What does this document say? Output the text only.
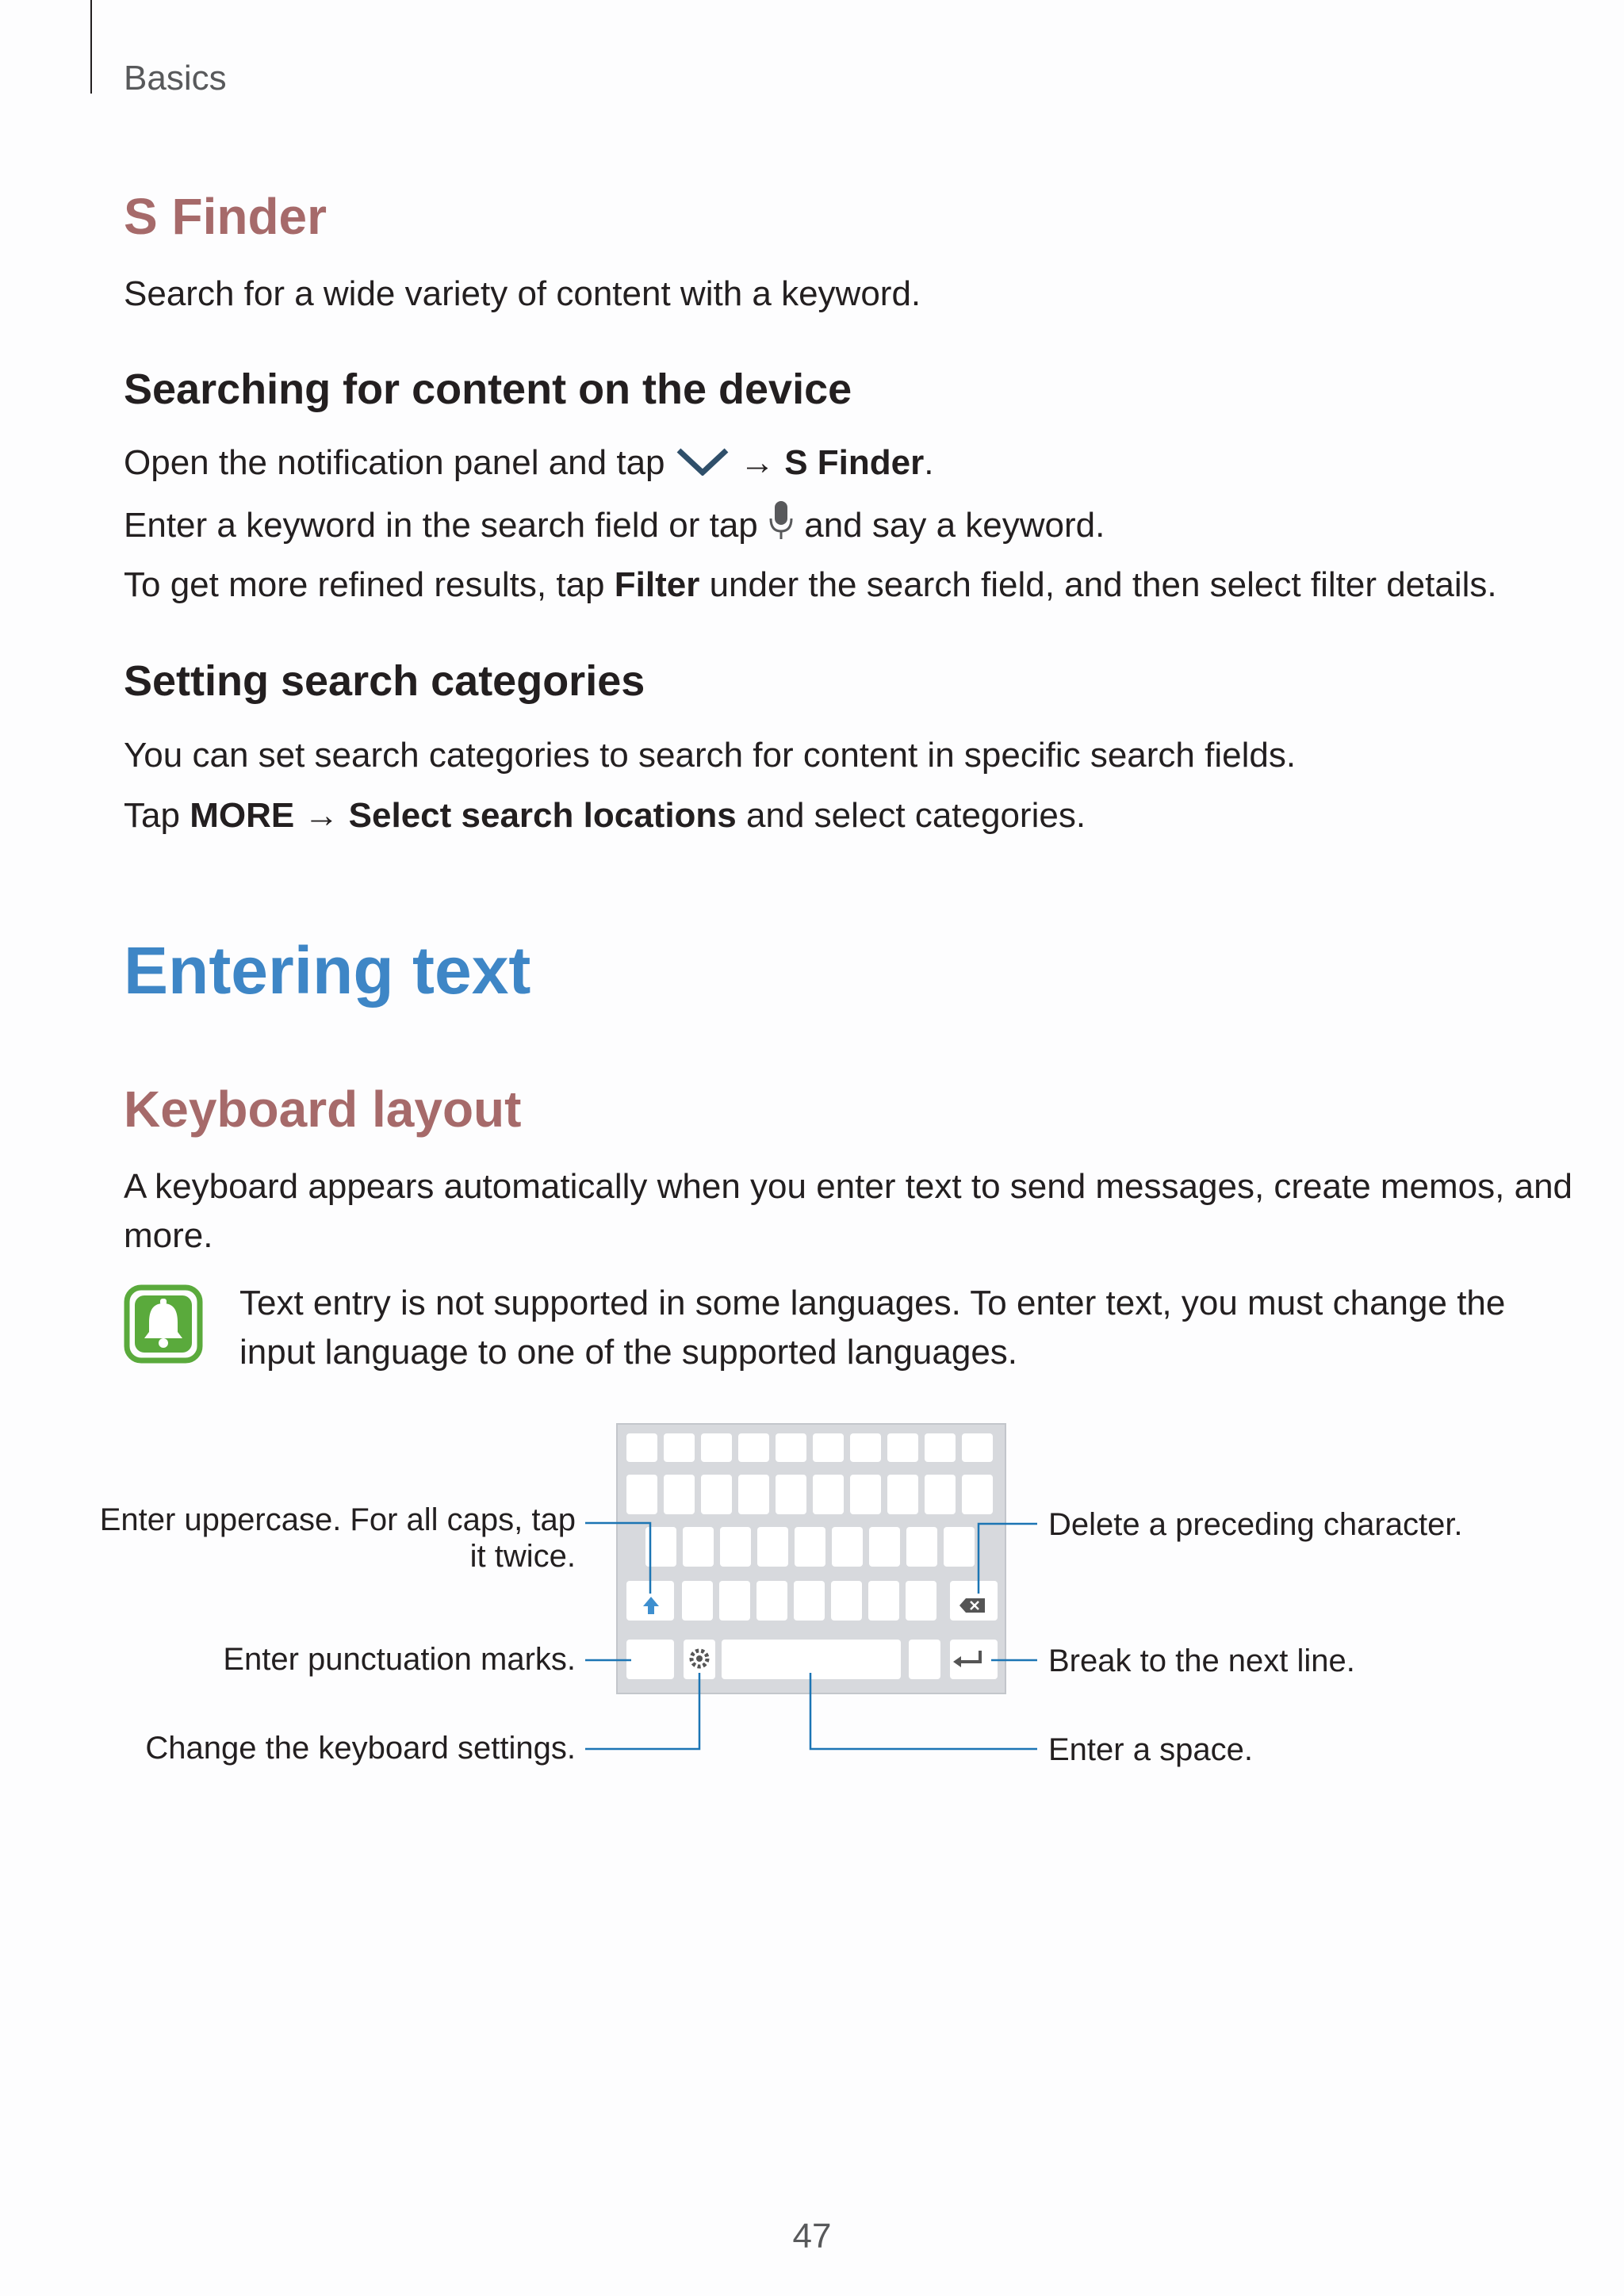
Basics
S Finder
Search for a wide variety of content with a keyword.
Searching for content on the device
Open the notification panel and tap → S Finder.
Enter a keyword in the search field or tap and say a keyword.
To get more refined results, tap Filter under the search field, and then select filter details.
Setting search categories
You can set search categories to search for content in specific search fields.
Tap MORE → Select search locations and select categories.
Entering text
Keyboard layout
A keyboard appears automatically when you enter text to send messages, create memos, and
more.
Text entry is not supported in some languages. To enter text, you must change the
input language to one of the supported languages.
Enter uppercase. For all caps, tap
it twice.
Enter punctuation marks.
Change the keyboard settings.
Delete a preceding character.
Break to the next line.
Enter a space.
47
